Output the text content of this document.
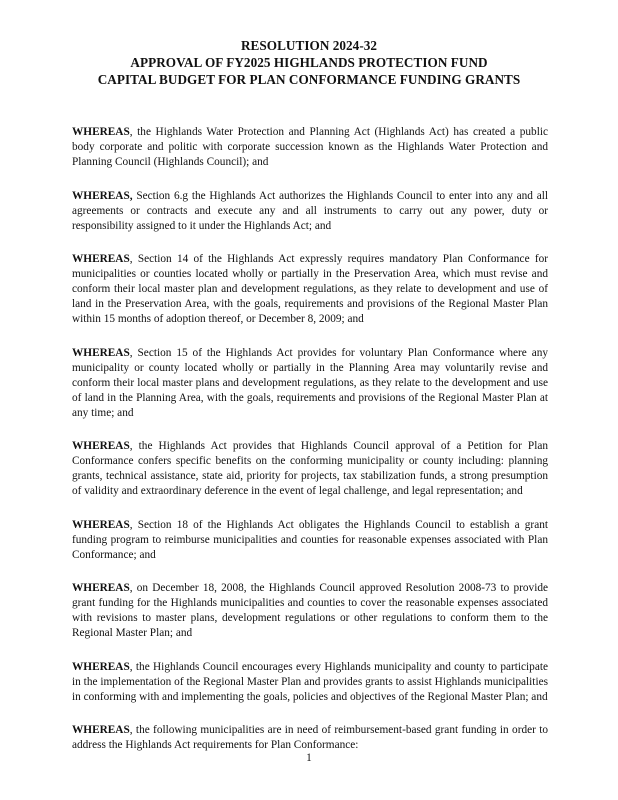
RESOLUTION 2024-32
APPROVAL OF FY2025 HIGHLANDS PROTECTION FUND
CAPITAL BUDGET FOR PLAN CONFORMANCE FUNDING GRANTS

WHEREAS, the Highlands Water Protection and Planning Act (Highlands Act) has created a public body corporate and politic with corporate succession known as the Highlands Water Protection and Planning Council (Highlands Council); and

WHEREAS, Section 6.g the Highlands Act authorizes the Highlands Council to enter into any and all agreements or contracts and execute any and all instruments to carry out any power, duty or responsibility assigned to it under the Highlands Act; and

WHEREAS, Section 14 of the Highlands Act expressly requires mandatory Plan Conformance for municipalities or counties located wholly or partially in the Preservation Area, which must revise and conform their local master plan and development regulations, as they relate to development and use of land in the Preservation Area, with the goals, requirements and provisions of the Regional Master Plan within 15 months of adoption thereof, or December 8, 2009; and

WHEREAS, Section 15 of the Highlands Act provides for voluntary Plan Conformance where any municipality or county located wholly or partially in the Planning Area may voluntarily revise and conform their local master plans and development regulations, as they relate to the development and use of land in the Planning Area, with the goals, requirements and provisions of the Regional Master Plan at any time; and

WHEREAS, the Highlands Act provides that Highlands Council approval of a Petition for Plan Conformance confers specific benefits on the conforming municipality or county including: planning grants, technical assistance, state aid, priority for projects, tax stabilization funds, a strong presumption of validity and extraordinary deference in the event of legal challenge, and legal representation; and

WHEREAS, Section 18 of the Highlands Act obligates the Highlands Council to establish a grant funding program to reimburse municipalities and counties for reasonable expenses associated with Plan Conformance; and

WHEREAS, on December 18, 2008, the Highlands Council approved Resolution 2008-73 to provide grant funding for the Highlands municipalities and counties to cover the reasonable expenses associated with revisions to master plans, development regulations or other regulations to conform them to the Regional Master Plan; and

WHEREAS, the Highlands Council encourages every Highlands municipality and county to participate in the implementation of the Regional Master Plan and provides grants to assist Highlands municipalities in conforming with and implementing the goals, policies and objectives of the Regional Master Plan; and

WHEREAS, the following municipalities are in need of reimbursement-based grant funding in order to address the Highlands Act requirements for Plan Conformance:

1
